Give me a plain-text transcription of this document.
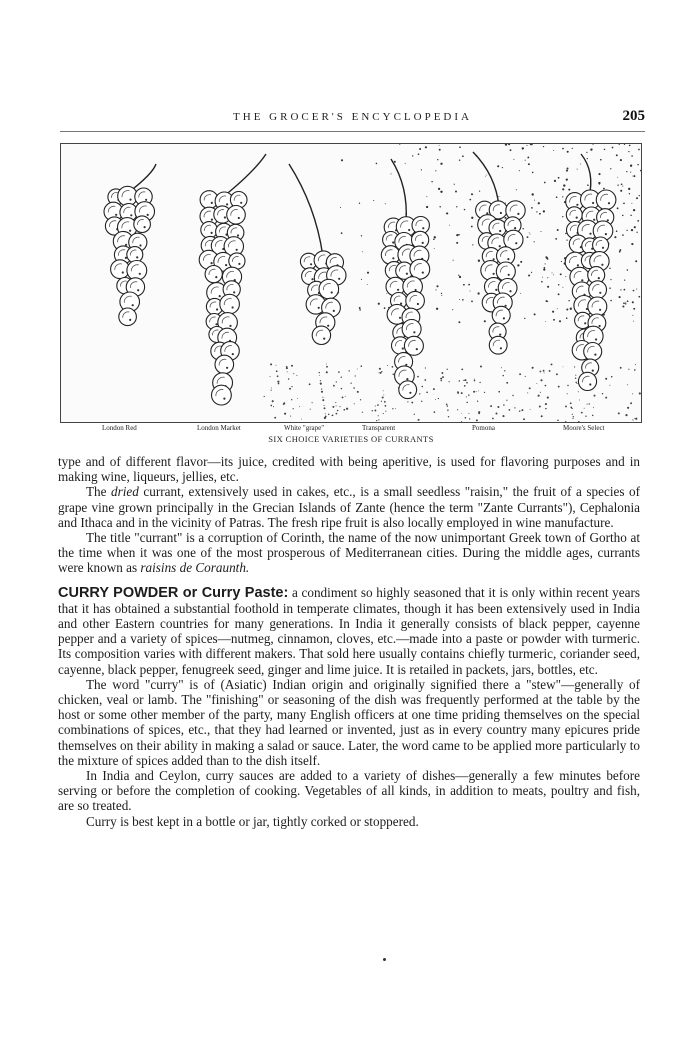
THE GROCER'S ENCYCLOPEDIA	205
London Red	London Market	White "grape"	Transparent	Pomona	Moore's Select
SIX CHOICE VARIETIES OF CURRANTS

type and of different flavor—its juice, credited with being aperitive, is used for flavoring purposes and in making wine, liqueurs, jellies, etc.

The dried currant, extensively used in cakes, etc., is a small seedless "raisin," the fruit of a species of grape vine grown principally in the Grecian Islands of Zante (hence the term "Zante Currants"), Cephalonia and Ithaca and in the vicinity of Patras. The fresh ripe fruit is also locally employed in wine manufacture.

The title "currant" is a corruption of Corinth, the name of the now unimportant Greek town of Gortho at the time when it was one of the most prosperous of Mediterranean cities. During the middle ages, currants were known as raisins de Coraunth.

CURRY POWDER or Curry Paste: a condiment so highly seasoned that it is only within recent years that it has obtained a substantial foothold in temperate climates, though it has been extensively used in India and other Eastern countries for many generations. In India it generally consists of black pepper, cayenne pepper and a variety of spices—nutmeg, cinnamon, cloves, etc.—made into a paste or powder with turmeric. Its composition varies with different makers. That sold here usually contains chiefly turmeric, coriander seed, cayenne, black pepper, fenugreek seed, ginger and lime juice. It is retailed in packets, jars, bottles, etc.

The word "curry" is of (Asiatic) Indian origin and originally signified there a "stew"—generally of chicken, veal or lamb. The "finishing" or seasoning of the dish was frequently performed at the table by the host or some other member of the party, many English officers at one time priding themselves on the special combinations of spices, etc., that they had learned or invented, just as in every country many epicures pride themselves on their ability in making a salad or sauce. Later, the word came to be applied more particularly to the mixture of spices added than to the dish itself.

In India and Ceylon, curry sauces are added to a variety of dishes—generally a few minutes before serving or before the completion of cooking. Vegetables of all kinds, in addition to meats, poultry and fish, are so treated.

Curry is best kept in a bottle or jar, tightly corked or stoppered.
